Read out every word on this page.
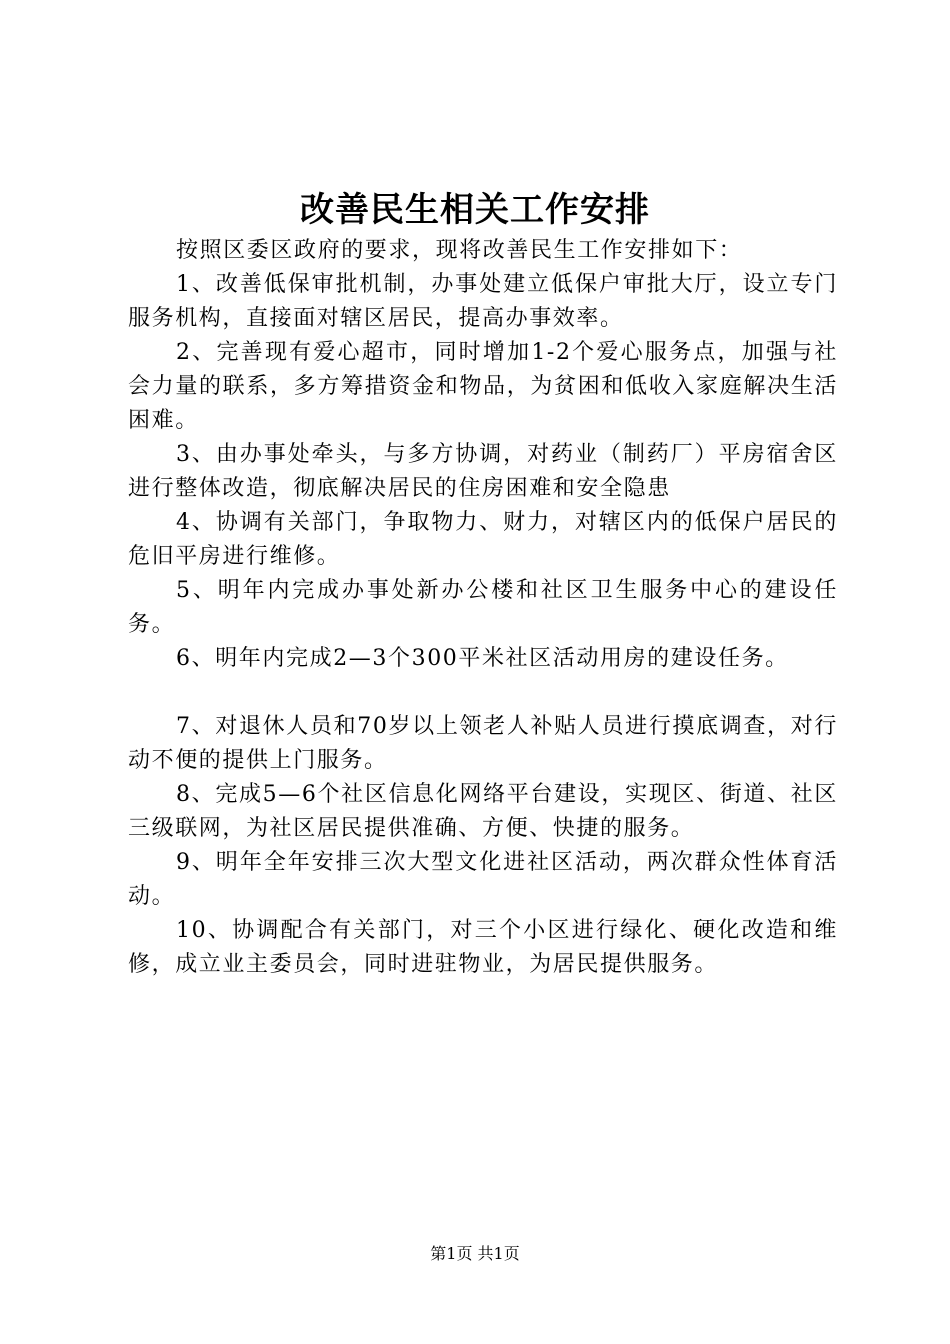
改善民生相关工作安排

按照区委区政府的要求，现将改善民生工作安排如下：

1、改善低保审批机制，办事处建立低保户审批大厅，设立专门服务机构，直接面对辖区居民，提高办事效率。

2、完善现有爱心超市，同时增加1-2个爱心服务点，加强与社会力量的联系，多方筹措资金和物品，为贫困和低收入家庭解决生活困难。

3、由办事处牵头，与多方协调，对药业（制药厂）平房宿舍区进行整体改造，彻底解决居民的住房困难和安全隐患

4、协调有关部门，争取物力、财力，对辖区内的低保户居民的危旧平房进行维修。

5、明年内完成办事处新办公楼和社区卫生服务中心的建设任务。

6、明年内完成2—3个300平米社区活动用房的建设任务。

7、对退休人员和70岁以上领老人补贴人员进行摸底调查，对行动不便的提供上门服务。

8、完成5—6个社区信息化网络平台建设，实现区、街道、社区三级联网，为社区居民提供准确、方便、快捷的服务。

9、明年全年安排三次大型文化进社区活动，两次群众性体育活动。

10、协调配合有关部门，对三个小区进行绿化、硬化改造和维修，成立业主委员会，同时进驻物业，为居民提供服务。

第1页 共1页
